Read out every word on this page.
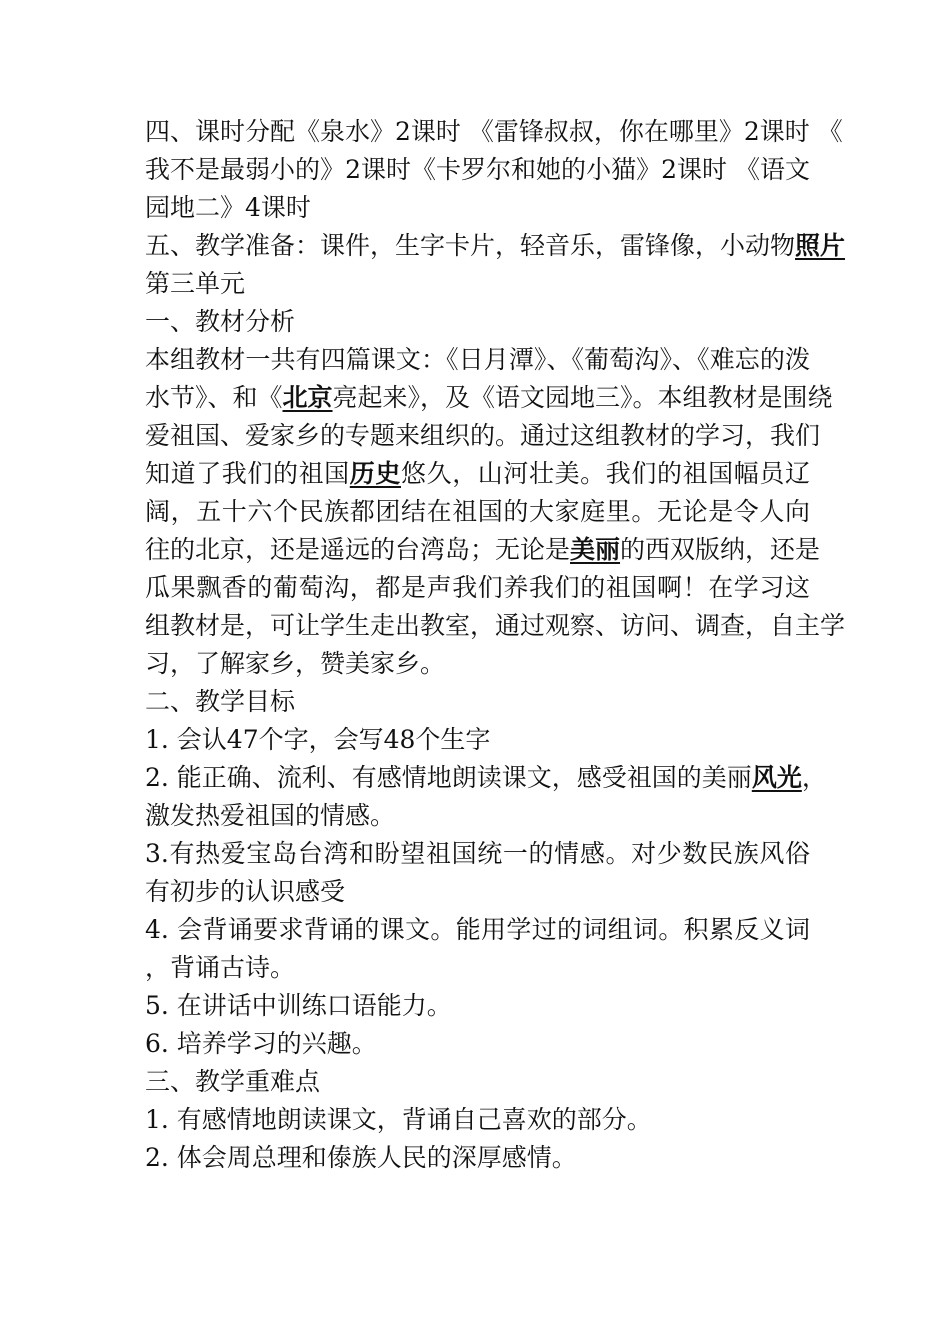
四、课时分配《泉水》2课时 《雷锋叔叔，你在哪里》2课时 《
我不是最弱小的》2课时《卡罗尔和她的小猫》2课时 《语文
园地二》4课时
五、教学准备：课件，生字卡片，轻音乐，雷锋像，小动物照片
第三单元
一、教材分析
本组教材一共有四篇课文：《日月潭》、《葡萄沟》、《难忘的泼
水节》、和《北京亮起来》，及《语文园地三》。本组教材是围绕
爱祖国、爱家乡的专题来组织的。通过这组教材的学习，我们
知道了我们的祖国历史悠久，山河壮美。我们的祖国幅员辽
阔，五十六个民族都团结在祖国的大家庭里。无论是令人向
往的北京，还是遥远的台湾岛；无论是美丽的西双版纳，还是
瓜果飘香的葡萄沟，都是声我们养我们的祖国啊！在学习这
组教材是，可让学生走出教室，通过观察、访问、调查，自主学
习，了解家乡，赞美家乡。
二、教学目标
1. 会认47个字，会写48个生字
2. 能正确、流利、有感情地朗读课文，感受祖国的美丽风光，
激发热爱祖国的情感。
3.有热爱宝岛台湾和盼望祖国统一的情感。对少数民族风俗
有初步的认识感受
4. 会背诵要求背诵的课文。能用学过的词组词。积累反义词
，背诵古诗。
5. 在讲话中训练口语能力。
6. 培养学习的兴趣。
三、教学重难点
1. 有感情地朗读课文，背诵自己喜欢的部分。
2. 体会周总理和傣族人民的深厚感情。
